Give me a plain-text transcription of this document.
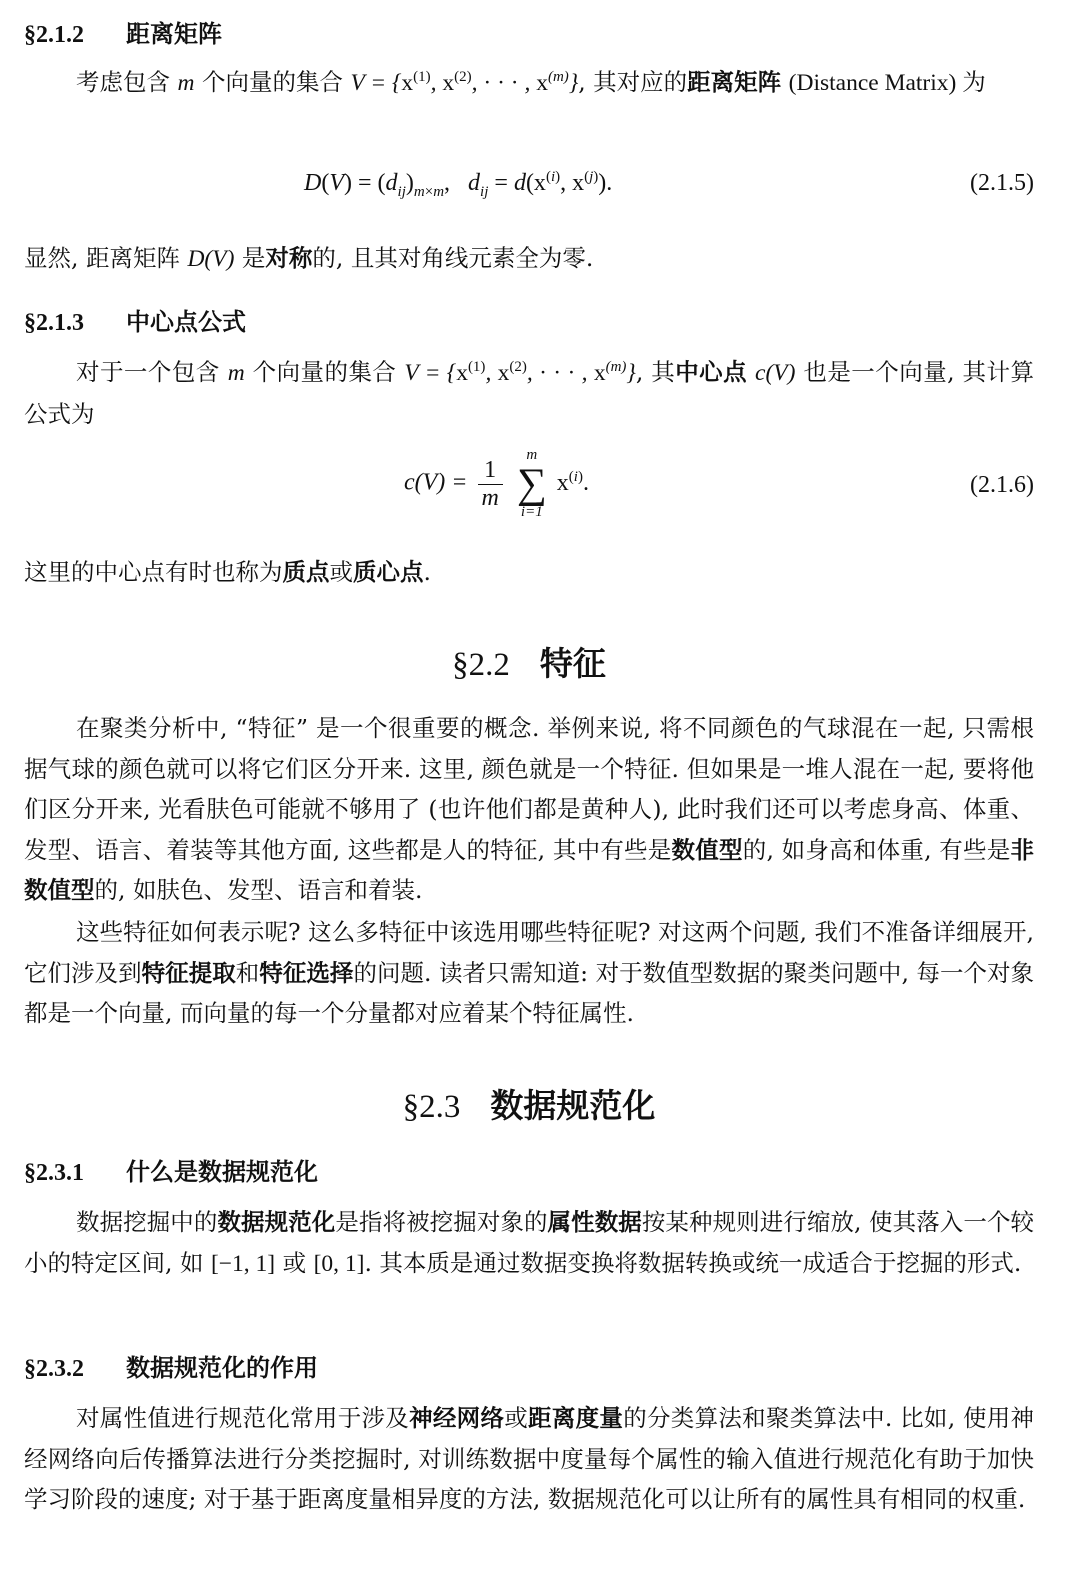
§2.1.2 距离矩阵
考虑包含 m 个向量的集合 $V = \{x^{(1)}$, $x^{(2)}$, · · · , $x^{(m)}$}, 其对应的距离矩阵 (Distance Matrix) 为
$D(V) = (d_{ij})_{m\times m}$,   $d_{ij} = d(x^{(i)}$, $x^{(j)}$).	(2.1.5)
显然, 距离矩阵 D(V) 是对称的, 且其对角线元素全为零.
§2.1.3 中心点公式
对于一个包含 m 个向量的集合 $V = \{x^{(1)}$, $x^{(2)}$, · · · , $x^{(m)}$}, 其中心点 c(V) 也是一个向量, 其计算公式为
$c(V) = \frac{1}{m}$

m
∑
i=1
$x^{(i)}$.	(2.1.6)
这里的中心点有时也称为质点或质心点.
§2.2 特征
在聚类分析中, “特征” 是一个很重要的概念. 举例来说, 将不同颜色的气球混在一起, 只需根据气球的颜色就可以将它们区分开来. 这里, 颜色就是一个特征. 但如果是一堆人混在一起, 要将他们区分开来, 光看肤色可能就不够用了 (也许他们都是黄种人), 此时我们还可以考虑身高、体重、发型、语言、着装等其他方面, 这些都是人的特征, 其中有些是数值型的, 如身高和体重, 有些是非数值型的, 如肤色、发型、语言和着装.
这些特征如何表示呢? 这么多特征中该选用哪些特征呢? 对这两个问题, 我们不准备详细展开, 它们涉及到特征提取和特征选择的问题. 读者只需知道: 对于数值型数据的聚类问题中, 每一个对象都是一个向量, 而向量的每一个分量都对应着某个特征属性.
§2.3 数据规范化
§2.3.1 什么是数据规范化
数据挖掘中的数据规范化是指将被挖掘对象的属性数据按某种规则进行缩放, 使其落入一个较小的特定区间, 如 [−1, 1] 或 [0, 1]. 其本质是通过数据变换将数据转换或统一成适合于挖掘的形式.
§2.3.2 数据规范化的作用
对属性值进行规范化常用于涉及神经网络或距离度量的分类算法和聚类算法中. 比如, 使用神经网络向后传播算法进行分类挖掘时, 对训练数据中度量每个属性的输入值进行规范化有助于加快学习阶段的速度; 对于基于距离度量相异度的方法, 数据规范化可以让所有的属性具有相同的权重.
